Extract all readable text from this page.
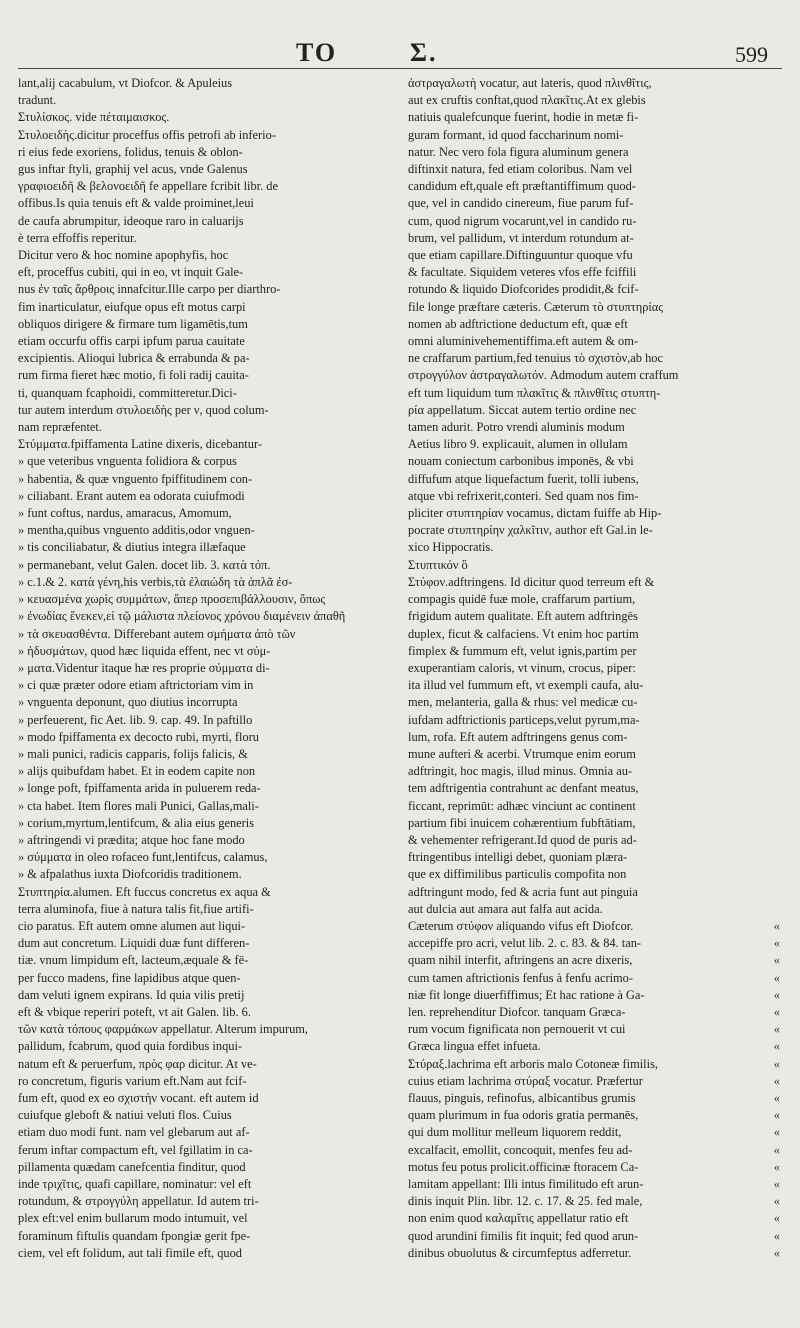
TO	Σ.	599
lant,alij cacabulum, vt Diofcor. & Apuleius
tradunt.
Στυλίσκος. vide πέταιμαισκος.
Στυλοειδὴς.dicitur proceffus offis petrofi ab inferio-
ri eius fede exoriens, folidus, tenuis & oblon-
gus inftar ftyli, graphij vel acus, vnde Galenus
γραφιοειδῆ & βελονοειδῆ fe appellare fcribit libr. de
offibus.Is quia tenuis eft & valde proiminet,leui
de caufa abrumpitur, ideoque raro in caluarijs
è terra effoffis reperitur.
Dicitur vero & hoc nomine apophyfis, hoc
eft, proceffus cubiti, qui in eo, vt inquit Gale-
nus ἐν ταῖς ἄρθροις innafcitur.Ille carpo per diarthro-
fim inarticulatur, eiufque opus eft motus carpi
obliquos dirigere & firmare tum ligamētis,tum
etiam occurfu offis carpi ipfum parua cauitate
excipientis. Alioqui lubrica & errabunda & pa-
rum firma fieret hæc motio, fi foli radij cauita-
ti, quanquam fcaphoidi, committeretur.Dici-
tur autem interdum στυλοειδὴς per ν, quod colum-
nam repræfentet.
Στύμματα.fpiffamenta Latine dixeris, dicebantur-
» que veteribus vnguenta folidiora & corpus
» habentia, & quæ vnguento fpiffitudinem con-
» ciliabant. Erant autem ea odorata cuiufmodi
» funt coftus, nardus, amaracus, Amomum,
» mentha,quibus vnguento additis,odor vnguen-
» tis conciliabatur, & diutius integra illæfaque
» permanebant, velut Galen. docet lib. 3. κατὰ τόπ.
» c.1.& 2. κατὰ γένη,his verbis,τὰ ἐλαιώδη τὰ ἁπλᾶ ἐσ-
» κευασμένα χωρὶς συμμάτων, ἅπερ προσεπιβάλλουσιν, ὅπως
» ἐνωδίας ἕνεκεν,εἰ τῷ μάλιστα πλείονος χρόνου διαμένειν ἀπαθῆ
» τὰ σκευασθέντα. Differebant autem σμήματα ἀπὸ τῶν
» ἡδυσμάτων, quod hæc liquida effent, nec vt σύμ-
» ματα.Videntur itaque hæ res proprie σύμματα di-
» ci quæ præter odore etiam aftrictoriam vim in
» vnguenta deponunt, quo diutius incorrupta
» perfeuerent, fic Aet. lib. 9. cap. 49. In paftillo
» modo fpiffamenta ex decocto rubi, myrti, floru
» mali punici, radicis capparis, folijs falicis, &
» alijs quibufdam habet. Et in eodem capite non
» longe poft, fpiffamenta arida in puluerem reda-
» cta habet. Item flores mali Punici, Gallas,mali-
» corium,myrtum,lentifcum, & alia eius generis
» aftringendi vi prædita; atque hoc fane modo
» σύμματα in oleo rofaceo funt,lentifcus, calamus,
» & afpalathus iuxta Diofcoridis traditionem.
Στυπτηρία.alumen. Eft fuccus concretus ex aqua &
terra aluminofa, fiue à natura talis fit,fiue artifi-
cio paratus. Eft autem omne alumen aut liqui-
dum aut concretum. Liquidi duæ funt differen-
tiæ. vnum limpidum eft, lacteum,æquale & fē-
per fucco madens, fine lapidibus atque quen-
dam veluti ignem expirans. Id quia vilis pretij
eft & vbique reperiri poteft, vt ait Galen. lib. 6.
τῶν κατὰ τόπους φαρμάκων appellatur. Alterum impurum,
pallidum, fcabrum, quod quia fordibus inqui-
natum eft & peruerfum, πρὸς φαρ dicitur. At ve-
ro concretum, figuris varium eft.Nam aut fcif-
fum eft, quod ex eo σχιστὴν vocant. eft autem id
cuiufque gleboft & natiui veluti flos. Cuius
etiam duo modi funt. nam vel glebarum aut af-
ferum inftar compactum eft, vel fgillatim in ca-
pillamenta quædam canefcentia finditur, quod
inde τριχῖτις, quafi capillare, nominatur: vel eft
rotundum, & στρογγύλη appellatur. Id autem tri-
plex eft:vel enim bullarum modo intumuit, vel
foraminum fiftulis quandam fpongiæ gerit fpe-
ciem, vel eft folidum, aut tali fimile eft, quod
ἀστραγαλωτὴ vocatur, aut lateris, quod πλινθῖτις,
aut ex cruftis conftat,quod πλακῖτις.At ex glebis
natiuis qualefcunque fuerint, hodie in metæ fi-
guram formant, id quod faccharinum nomi-
natur. Nec vero fola figura aluminum genera
diftinxit natura, fed etiam coloribus. Nam vel
candidum eft,quale eft præftantiffimum quod-
que, vel in candido cinereum, fiue parum fuf-
cum, quod nigrum vocarunt,vel in candido ru-
brum, vel pallidum, vt interdum rotundum at-
que etiam capillare.Diftinguuntur quoque vfu
& facultate. Siquidem veteres vfos effe fciffili
rotundo & liquido Diofcorides prodidit,& fcif-
file longe præftare cæteris. Cæterum τὸ στυπτηρίας
nomen ab adftrictione deductum eft, quæ eft
omni aluminivehementiffima.eft autem & om-
ne craffarum partium,fed tenuius τὸ σχιστὸν,ab hoc
στρογγύλον ἀστραγαλωτόν. Admodum autem craffum
eft tum liquidum tum πλακῖτις & πλινθῖτις στυπτη-
ρία appellatum. Siccat autem tertio ordine nec
tamen adurit. Potro vrendi aluminis modum
Aetius libro 9. explicauit, alumen in ollulam
nouam coniectum carbonibus imponēs, & vbi
diffufum atque liquefactum fuerit, tolli iubens,
atque vbi refrixerit,conteri. Sed quam nos fim-
pliciter στυπτηρίαν vocamus, dictam fuiffe ab Hip-
pocrate στυπτηρίην χαλκῖτιν, author eft Gal.in le-
xico Hippocratis.
Στυπτικόν ὃ
Στύφον.adftringens. Id dicitur quod terreum eft &
compagis quidē fuæ mole, craffarum partium,
frigidum autem qualitate. Eft autem adftringēs
duplex, ficut & calfaciens. Vt enim hoc partim
fimplex & fummum eft, velut ignis,partim per
exuperantiam caloris, vt vinum, crocus, piper:
ita illud vel fummum eft, vt exempli caufa, alu-
men, melanteria, galla & rhus: vel medicæ cu-
iufdam adftrictionis particeps,velut pyrum,ma-
lum, rofa. Eft autem adftringens genus com-
mune aufteri & acerbi. Vtrumque enim eorum
adftringit, hoc magis, illud minus. Omnia au-
tem adftrigentia contrahunt ac denfant meatus,
ficcant, reprimūt: adhæc vinciunt ac continent
partium fibi inuicem cohærentium fubftātiam,
& vehementer refrigerant.Id quod de puris ad-
ftringentibus intelligi debet, quoniam plæra-
que ex diffimilibus particulis compofita non
adftringunt modo, fed & acria funt aut pinguia
aut dulcia aut amara aut falfa aut acida.
Cæterum στύφον aliquando vifus eft Diofcor. «
accepiffe pro acri, velut lib. 2. c. 83. & 84. tan- «
quam nihil interfit, aftringens an acre dixeris, «
cum tamen aftrictionis fenfus à fenfu acrimo- «
niæ fit longe diuerfiffimus; Et hac ratione à Ga- «
len. reprehenditur Diofcor. tanquam Græca- «
rum vocum fignificata non pernouerit vt cui «
Græca lingua effet infueta. «
Στύραξ.lachrima eft arboris malo Cotoneæ fimilis, «
cuius etiam lachrima στύραξ vocatur. Præfertur «
flauus, pinguis, refinofus, albicantibus grumis «
quam plurimum in fua odoris gratia permanēs, «
qui dum mollitur melleum liquorem reddit, «
excalfacit, emollit, concoquit, menfes feu ad- «
motus feu potus prolicit.officinæ ftoracem Ca- «
lamitam appellant: Illi intus fimilitudo eft arun- «
dinis inquit Plin. libr. 12. c. 17. & 25. fed male, «
non enim quod καλαμῖτις appellatur ratio eft «
quod arundini fimilis fit inquit; fed quod arun- «
dinibus obuolutus & circumfeptus adferretur. «
